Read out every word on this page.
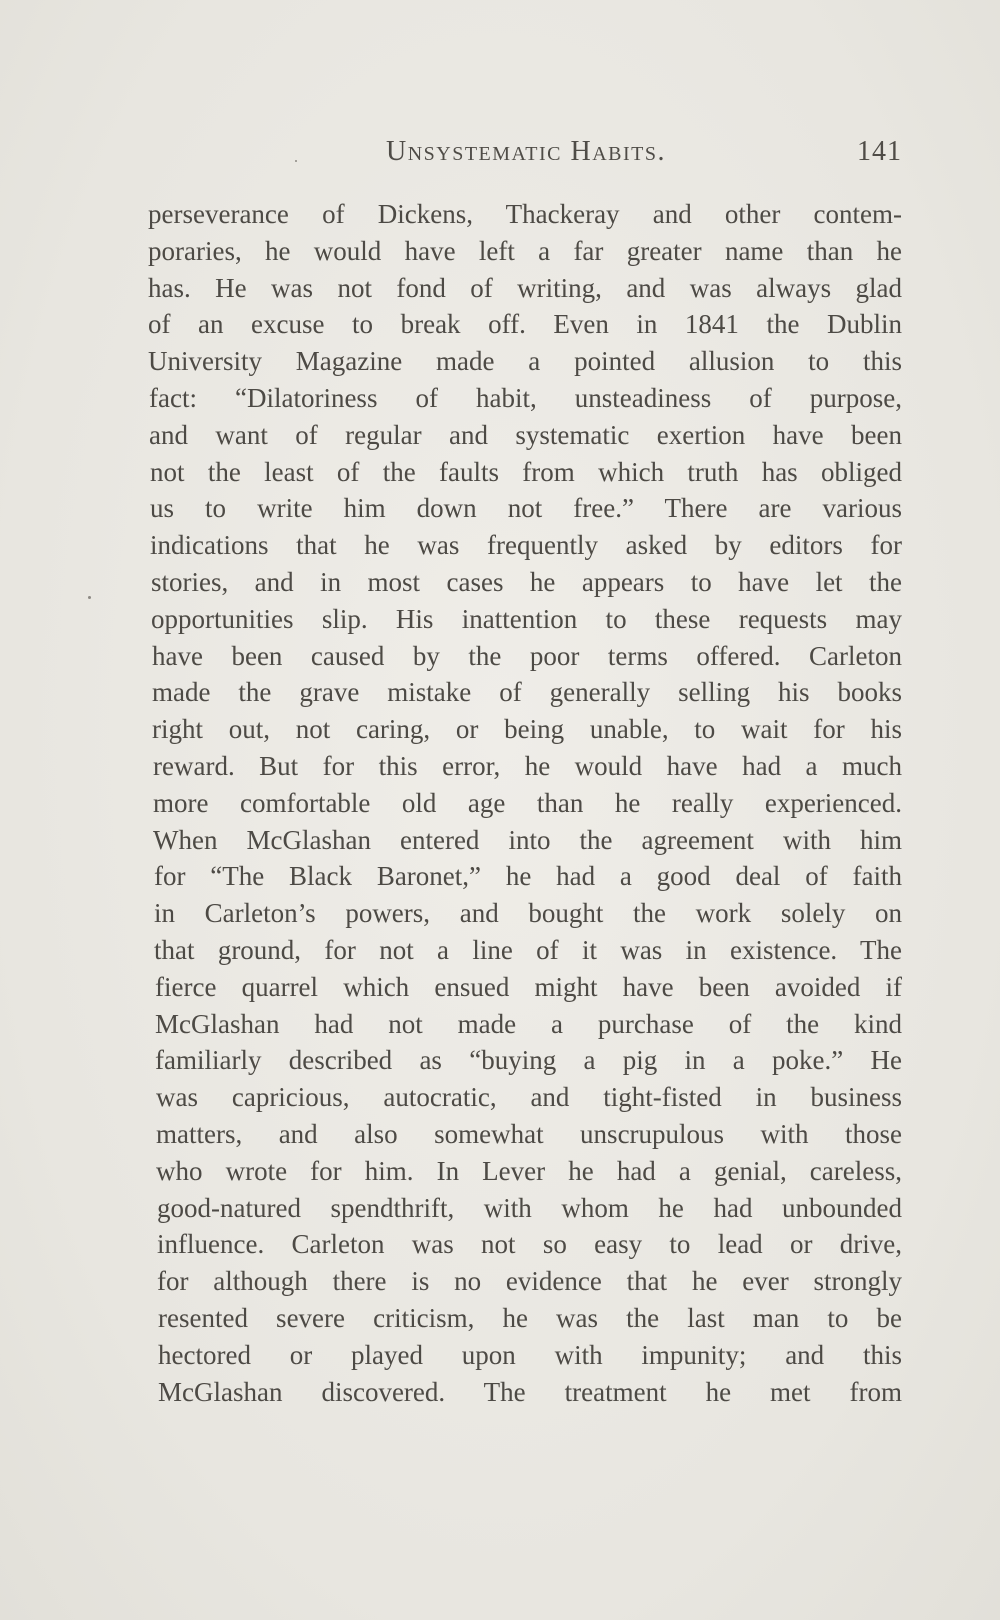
Unsystematic Habits.	141
perseverance of Dickens, Thackeray and other contem-
poraries, he would have left a far greater name than he
has. He was not fond of writing, and was always glad
of an excuse to break off. Even in 1841 the Dublin
University Magazine made a pointed allusion to this
fact: “Dilatoriness of habit, unsteadiness of purpose,
and want of regular and systematic exertion have been
not the least of the faults from which truth has obliged
us to write him down not free.” There are various
indications that he was frequently asked by editors for
stories, and in most cases he appears to have let the
opportunities slip. His inattention to these requests may
have been caused by the poor terms offered. Carleton
made the grave mistake of generally selling his books
right out, not caring, or being unable, to wait for his
reward. But for this error, he would have had a much
more comfortable old age than he really experienced.
When McGlashan entered into the agreement with him
for “The Black Baronet,” he had a good deal of faith
in Carleton’s powers, and bought the work solely on
that ground, for not a line of it was in existence. The
fierce quarrel which ensued might have been avoided if
McGlashan had not made a purchase of the kind
familiarly described as “buying a pig in a poke.” He
was capricious, autocratic, and tight-fisted in business
matters, and also somewhat unscrupulous with those
who wrote for him. In Lever he had a genial, careless,
good-natured spendthrift, with whom he had unbounded
influence. Carleton was not so easy to lead or drive,
for although there is no evidence that he ever strongly
resented severe criticism, he was the last man to be
hectored or played upon with impunity; and this
McGlashan discovered. The treatment he met from
